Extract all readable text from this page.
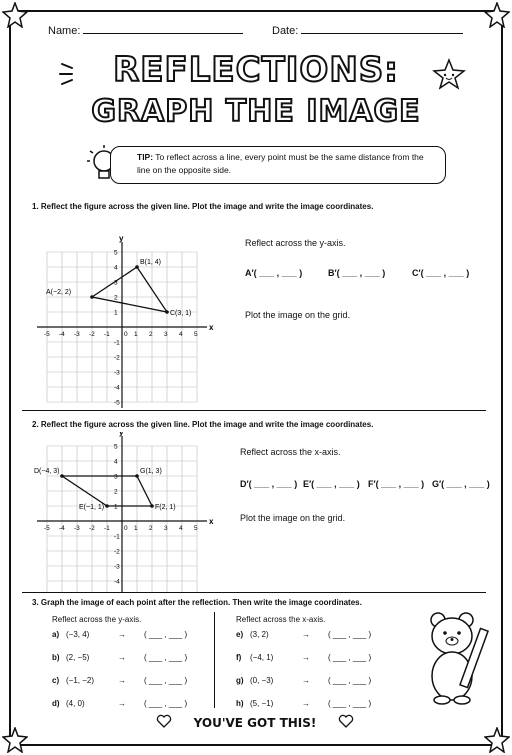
Name:	Date:
REFLECTIONS:
GRAPH THE IMAGE
TIP: To reflect across a line, every point must be the same distance from the line on the opposite side.
1. Reflect the figure across the given line. Plot the image and write the image coordinates.
x
y
-5
-5
-4
-4
-3
-3
-2
-2
-1
-1
0 1
1
2
2
3
3
4
4
5
5
A(−2, 2)
B(1, 4)
C(3, 1)
Reflect across the y-axis.
A′( ___ , ___ )	B′( ___ , ___ )	C′( ___ , ___ )
Plot the image on the grid.
2. Reflect the figure across the given line. Plot the image and write the image coordinates.
x
y
-5 -4
-4
-3
-3
-2
-2
-1
-1
0 1
1
2
2
3
3
4
4
5
5
D(−4, 3)	G(1, 3)
F(2, 1)
E(−1, 1)
Reflect across the x-axis.
D′( ___ , ___ ) E′( ___ , ___ ) F′( ___ , ___ ) G′( ___ , ___ )
Plot the image on the grid.
3. Graph the image of each point after the reflection. Then write the image coordinates.
Reflect across the y-axis.	Reflect across the x-axis.
a) (−3, 4)	→ ( ___ , ___ )
b) (2, −5)	→ ( ___ , ___ )
c) (−1, −2)	→ ( ___ , ___ )
d) (4, 0)	→ ( ___ , ___ )
e) (3, 2)	→ ( ___ , ___ )
f) (−4, 1)	→ ( ___ , ___ )
g) (0, −3)	→ ( ___ , ___ )
h) (5, −1)	→ ( ___ , ___ )
YOU'VE GOT THIS!
